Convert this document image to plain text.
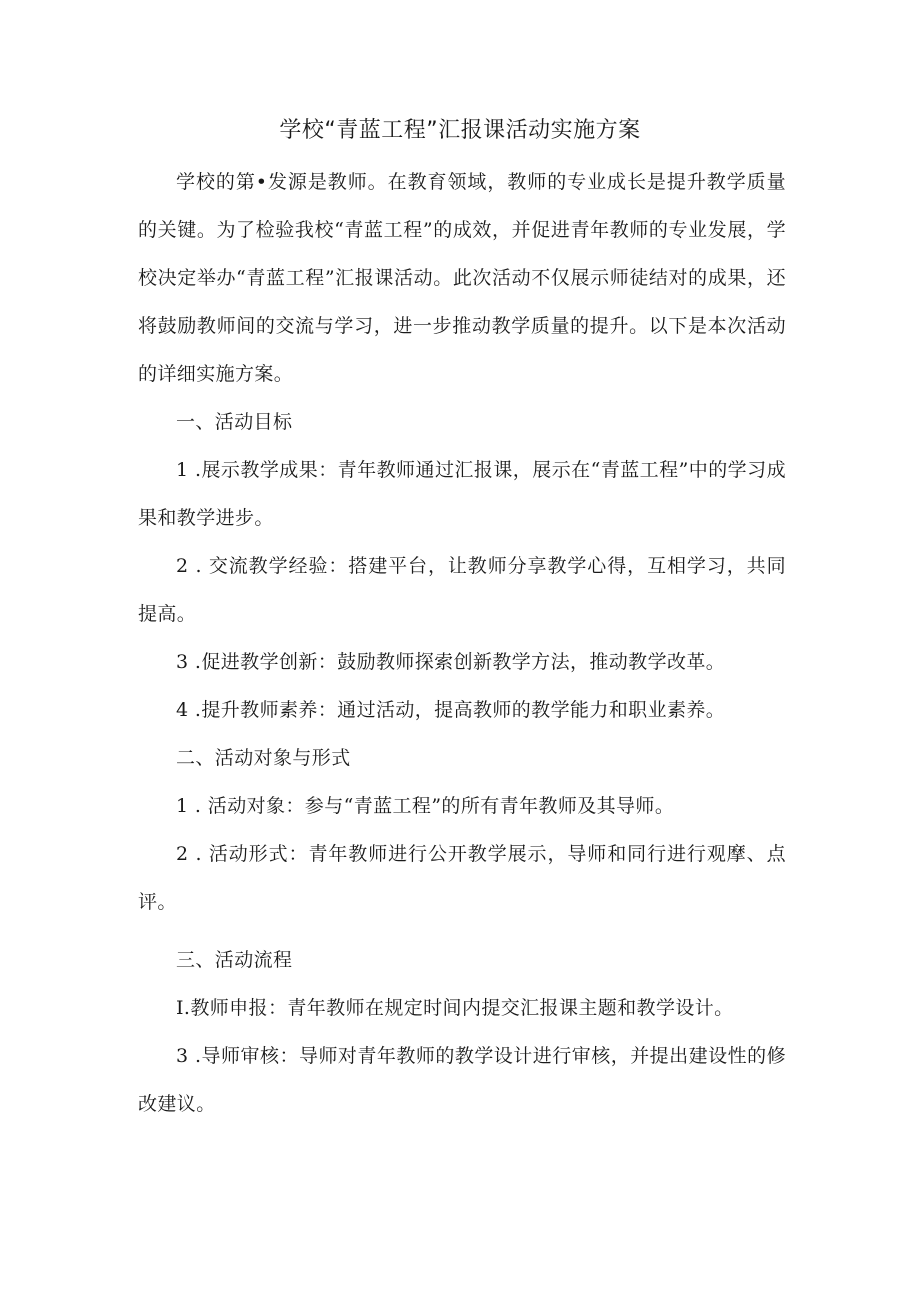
学校“青蓝工程”汇报课活动实施方案

学校的第•发源是教师。在教育领域，教师的专业成长是提升教学质量的关键。为了检验我校“青蓝工程”的成效，并促进青年教师的专业发展，学校决定举办“青蓝工程”汇报课活动。此次活动不仅展示师徒结对的成果，还将鼓励教师间的交流与学习，进一步推动教学质量的提升。以下是本次活动的详细实施方案。

一、活动目标

1 .展示教学成果：青年教师通过汇报课，展示在“青蓝工程”中的学习成果和教学进步。

2 . 交流教学经验：搭建平台，让教师分享教学心得，互相学习，共同提高。

3 .促进教学创新：鼓励教师探索创新教学方法，推动教学改革。

4 .提升教师素养：通过活动，提高教师的教学能力和职业素养。

二、活动对象与形式

1 . 活动对象：参与“青蓝工程”的所有青年教师及其导师。

2 . 活动形式：青年教师进行公开教学展示，导师和同行进行观摩、点评。

三、活动流程

I.教师申报：青年教师在规定时间内提交汇报课主题和教学设计。

3 .导师审核：导师对青年教师的教学设计进行审核，并提出建设性的修改建议。
